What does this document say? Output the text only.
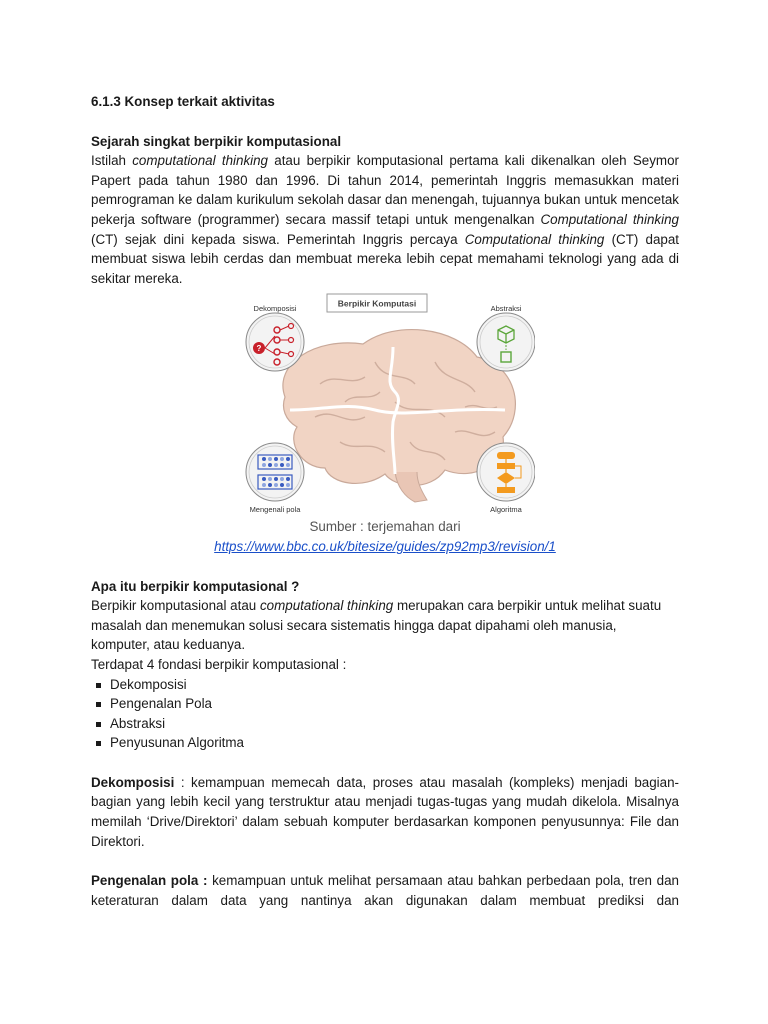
6.1.3 Konsep terkait aktivitas

Sejarah singkat berpikir komputasional

Istilah computational thinking atau berpikir komputasional pertama kali dikenalkan oleh Seymor Papert pada tahun 1980 dan 1996. Di tahun 2014, pemerintah Inggris memasukkan materi pemrograman ke dalam kurikulum sekolah dasar dan menengah, tujuannya bukan untuk mencetak pekerja software (programmer) secara massif tetapi untuk mengenalkan Computational thinking (CT) sejak dini kepada siswa. Pemerintah Inggris percaya Computational thinking (CT) dapat membuat siswa lebih cerdas dan membuat mereka lebih cepat memahami teknologi yang ada di sekitar mereka.

Berpikir Komputasi
?
Dekomposisi	Abstraksi
Mengenali pola	Algoritma

Sumber : terjemahan dari

https://www.bbc.co.uk/bitesize/guides/zp92mp3/revision/1

Apa itu berpikir komputasional ?

Berpikir komputasional atau computational thinking merupakan cara berpikir untuk melihat suatu masalah dan menemukan solusi secara sistematis hingga dapat dipahami oleh manusia, komputer, atau keduanya.

Terdapat 4 fondasi berpikir komputasional :

Dekomposisi
Pengenalan Pola
Abstraksi
Penyusunan Algoritma

Dekomposisi : kemampuan memecah data, proses atau masalah (kompleks) menjadi bagian-bagian yang lebih kecil yang terstruktur atau menjadi tugas-tugas yang mudah dikelola. Misalnya memilah ‘Drive/Direktori’ dalam sebuah komputer berdasarkan komponen penyusunnya: File dan Direktori.

Pengenalan pola : kemampuan untuk melihat persamaan atau bahkan perbedaan pola, tren dan keteraturan dalam data yang nantinya akan digunakan dalam membuat prediksi dan
